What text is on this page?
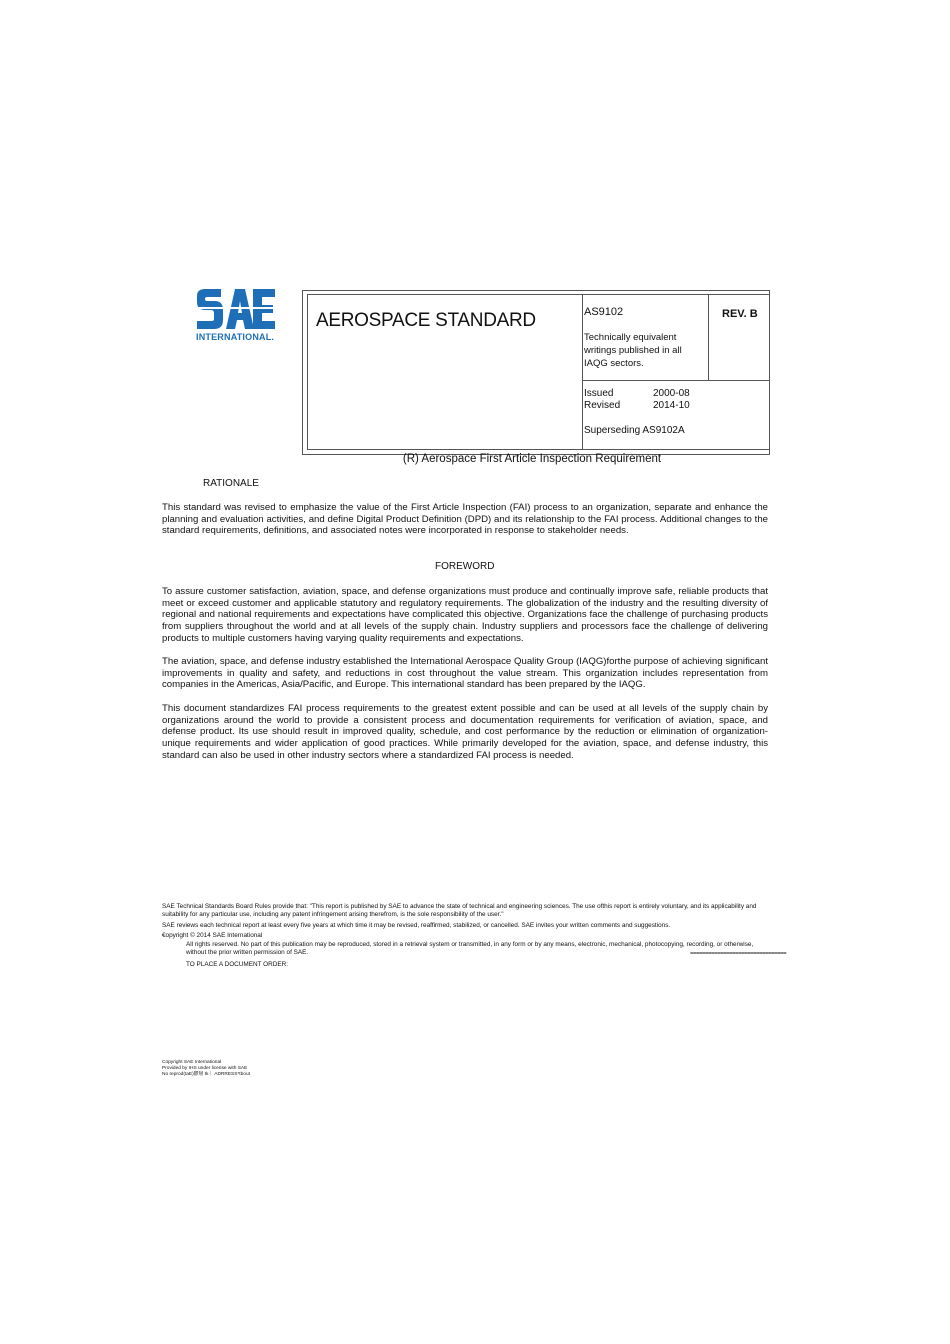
INTERNATIONAL.
AEROSPACE STANDARD	AS9102	REV. B
Technically equivalent writings published in all IAQG sectors.
Issued	2000-08
Revised	2014-10
Superseding AS9102A
(R) Aerospace First Article Inspection Requirement
RATIONALE
This standard was revised to emphasize the value of the First Article Inspection (FAI) process to an organization, separate and enhance the planning and evaluation activities, and define Digital Product Definition (DPD) and its relationship to the FAI process. Additional changes to the standard requirements, definitions, and associated notes were incorporated in response to stakeholder needs.
FOREWORD
To assure customer satisfaction, aviation, space, and defense organizations must produce and continually improve safe, reliable products that meet or exceed customer and applicable statutory and regulatory requirements. The globalization of the industry and the resulting diversity of regional and national requirements and expectations have complicated this objective. Organizations face the challenge of purchasing products from suppliers throughout the world and at all levels of the supply chain. Industry suppliers and processors face the challenge of delivering products to multiple customers having varying quality requirements and expectations.
The aviation, space, and defense industry established the International Aerospace Quality Group (IAQG)forthe purpose of achieving significant improvements in quality and safety, and reductions in cost throughout the value stream. This organization includes representation from companies in the Americas, Asia/Pacific, and Europe. This international standard has been prepared by the IAQG.
This document standardizes FAI process requirements to the greatest extent possible and can be used at all levels of the supply chain by organizations around the world to provide a consistent process and documentation requirements for verification of aviation, space, and defense product. Its use should result in improved quality, schedule, and cost performance by the reduction or elimination of organization-unique requirements and wider application of good practices. While primarily developed for the aviation, space, and defense industry, this standard can also be used in other industry sectors where a standardized FAI process is needed.
SAE Technical Standards Board Rules provide that: "This report is published by SAE to advance the state of technical and engineering sciences. The use ofthis report is entirely voluntary, and its applicability and suitability for any particular use, including any patent infringement arising therefrom, is the sole responsibility of the user."
SAE reviews each technical report at least every five years at which time it may be revised, reaffirmed, stabilized, or cancelled. SAE invites your written comments and suggestions.
€opyright © 2014 SAE International
All rights reserved. No part of this publication may be reproduced, stored in a retrieval system or transmitted, in any form or by any means, electronic, mechanical, photocopying, recording, or otherwise, without the prior written permission of SAE.	================================
TO PLACE A DOCUMENT ORDER:
Copyright SAE International
Provided by IHS under license with SAE
No reprod(taE)鬱掰 tk｜ ADRRESS*tbout
